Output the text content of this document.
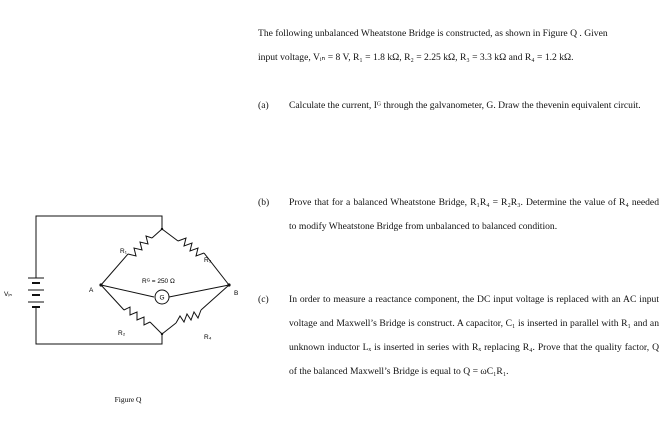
The following unbalanced Wheatstone Bridge is constructed, as shown in Figure Q . Given
input voltage, Vᵢₙ = 8 V, R₁ = 1.8 kΩ, R₂ = 2.25 kΩ, R₃ = 3.3 kΩ and R₄ = 1.2 kΩ.
(a) Calculate the current, Iᴳ through the galvanometer, G. Draw the thevenin equivalent circuit.
(b) Prove that for a balanced Wheatstone Bridge, R₁R₄ = R₂R₃. Determine the value of R₄ needed to modify Wheatstone Bridge from unbalanced to balanced condition.
(c) In order to measure a reactance component, the DC input voltage is replaced with an AC input voltage and Maxwell’s Bridge is construct. A capacitor, C₁ is inserted in parallel with R₁ and an unknown inductor Lₓ is inserted in series with Rₓ replacing R₄. Prove that the quality factor, Q of the balanced Maxwell’s Bridge is equal to Q = ωC₁R₁.
G
Rᴳ = 250 Ω
R₁
R₃
R₂
R₄
A	B
Vᵢₙ
Figure Q
